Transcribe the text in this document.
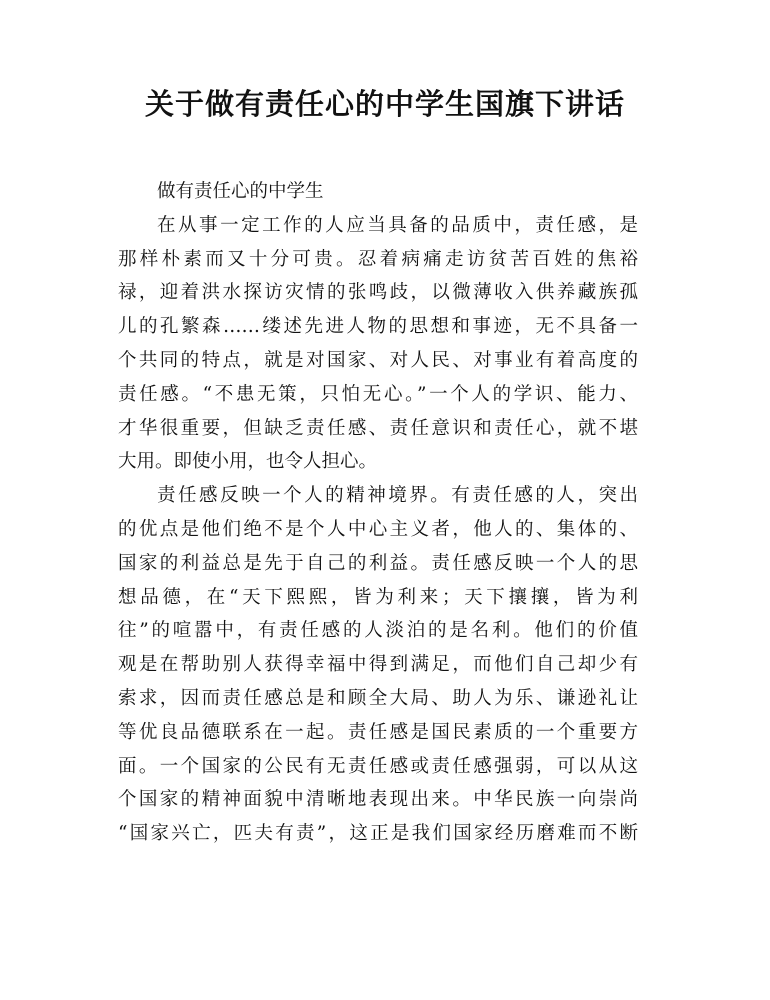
关于做有责任心的中学生国旗下讲话
做有责任心的中学生
在从事一定工作的人应当具备的品质中，责任感，是
那样朴素而又十分可贵。忍着病痛走访贫苦百姓的焦裕
禄，迎着洪水探访灾情的张鸣歧，以微薄收入供养藏族孤
儿的孔繁森……缕述先进人物的思想和事迹，无不具备一
个共同的特点，就是对国家、对人民、对事业有着高度的
责任感。“不患无策，只怕无心。”一个人的学识、能力、
才华很重要，但缺乏责任感、责任意识和责任心，就不堪
大用。即使小用，也令人担心。
责任感反映一个人的精神境界。有责任感的人，突出
的优点是他们绝不是个人中心主义者，他人的、集体的、
国家的利益总是先于自己的利益。责任感反映一个人的思
想品德，在“天下熙熙，皆为利来；天下攘攘，皆为利
往”的喧嚣中，有责任感的人淡泊的是名利。他们的价值
观是在帮助别人获得幸福中得到满足，而他们自己却少有
索求，因而责任感总是和顾全大局、助人为乐、谦逊礼让
等优良品德联系在一起。责任感是国民素质的一个重要方
面。一个国家的公民有无责任感或责任感强弱，可以从这
个国家的精神面貌中清晰地表现出来。中华民族一向崇尚
“国家兴亡，匹夫有责”，这正是我们国家经历磨难而不断
